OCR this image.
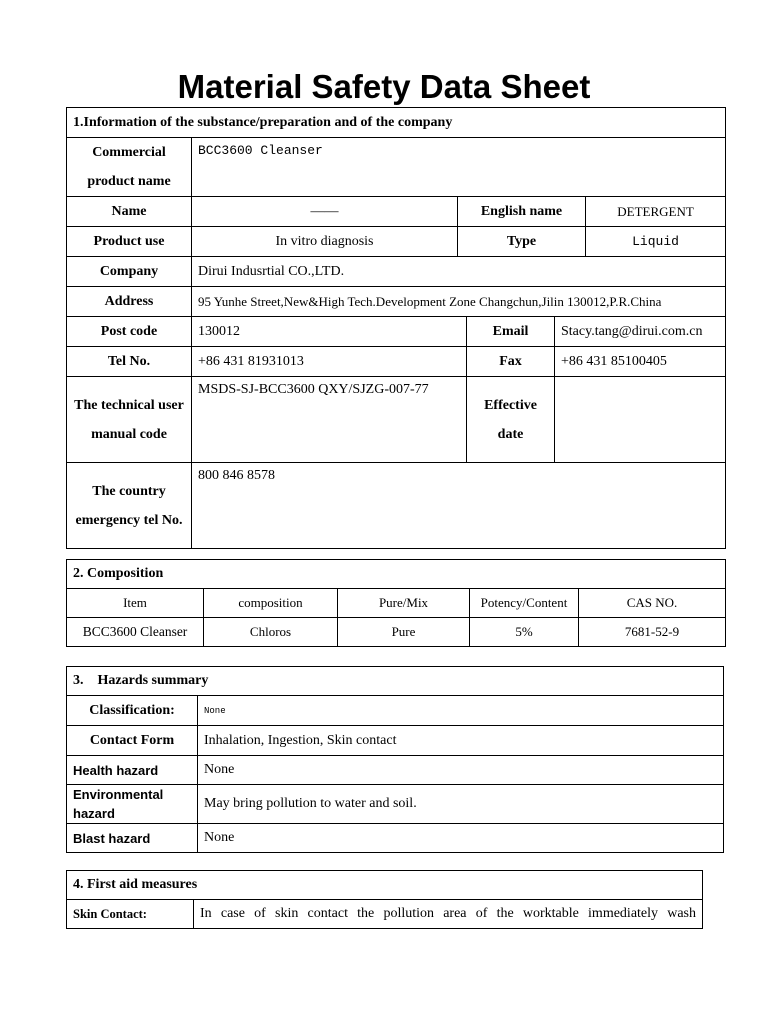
Material Safety Data Sheet
1.Information of the substance/preparation and of the company					
Commercial product name	BCC3600 Cleanser				
Name	——	English name			DETERGENT
Product use	In vitro diagnosis	Type			Liquid
Company	Dirui Indusrtial CO.,LTD.				
Address	95 Yunhe Street,New&High Tech.Development Zone Changchun,Jilin 130012,P.R.China				
Post code	130012		Email	Stacy.tang@dirui.com.cn	
Tel No.	+86 431 81931013		Fax	+86 431 85100405	
The technical user manual code	MSDS-SJ-BCC3600 QXY/SJZG-007-77		Effective date		
The country emergency tel No.	800 846 8578				
2. Composition				
Item	composition	Pure/Mix	Potency/Content	CAS NO.
BCC3600 Cleanser	Chloros	Pure	5%	7681-52-9
3.    Hazards summary	
Classification:	None
Contact Form	Inhalation, Ingestion, Skin contact
Health hazard	None
Environmental hazard	May bring pollution to water and soil.
Blast hazard	None
4. First aid measures
Skin Contact:	In case of skin contact the pollution area of the worktable immediately wash
